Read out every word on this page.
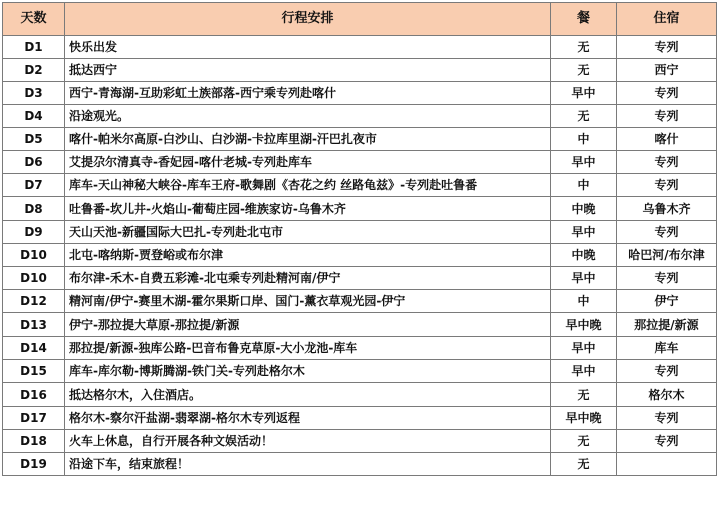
天数	行程安排	餐	住宿
D1	快乐出发	无	专列
D2	抵达西宁	无	西宁
D3	西宁-青海湖-互助彩虹土族部落-西宁乘专列赴喀什	早中	专列
D4	沿途观光。	无	专列
D5	喀什-帕米尔高原-白沙山、白沙湖-卡拉库里湖-汗巴扎夜市	中	喀什
D6	艾提尕尔清真寺-香妃园-喀什老城-专列赴库车	早中	专列
D7	库车-天山神秘大峡谷-库车王府-歌舞剧《杏花之约 丝路龟兹》-专列赴吐鲁番	中	专列
D8	吐鲁番-坎儿井-火焰山-葡萄庄园-维族家访-乌鲁木齐	中晚	乌鲁木齐
D9	天山天池-新疆国际大巴扎-专列赴北屯市	早中	专列
D10	北屯-喀纳斯-贾登峪或布尔津	中晚	哈巴河/布尔津
D10	布尔津-禾木-自费五彩滩-北屯乘专列赴精河南/伊宁	早中	专列
D12	精河南/伊宁-赛里木湖-霍尔果斯口岸、国门-薰衣草观光园-伊宁	中	伊宁
D13	伊宁-那拉提大草原-那拉提/新源	早中晚	那拉提/新源
D14	那拉提/新源-独库公路-巴音布鲁克草原-大小龙池-库车	早中	库车
D15	库车-库尔勒-博斯腾湖-铁门关-专列赴格尔木	早中	专列
D16	抵达格尔木，入住酒店。	无	格尔木
D17	格尔木-察尔汗盐湖-翡翠湖-格尔木专列返程	早中晚	专列
D18	火车上休息，自行开展各种文娱活动！	无	专列
D19	沿途下车，结束旅程！	无	
